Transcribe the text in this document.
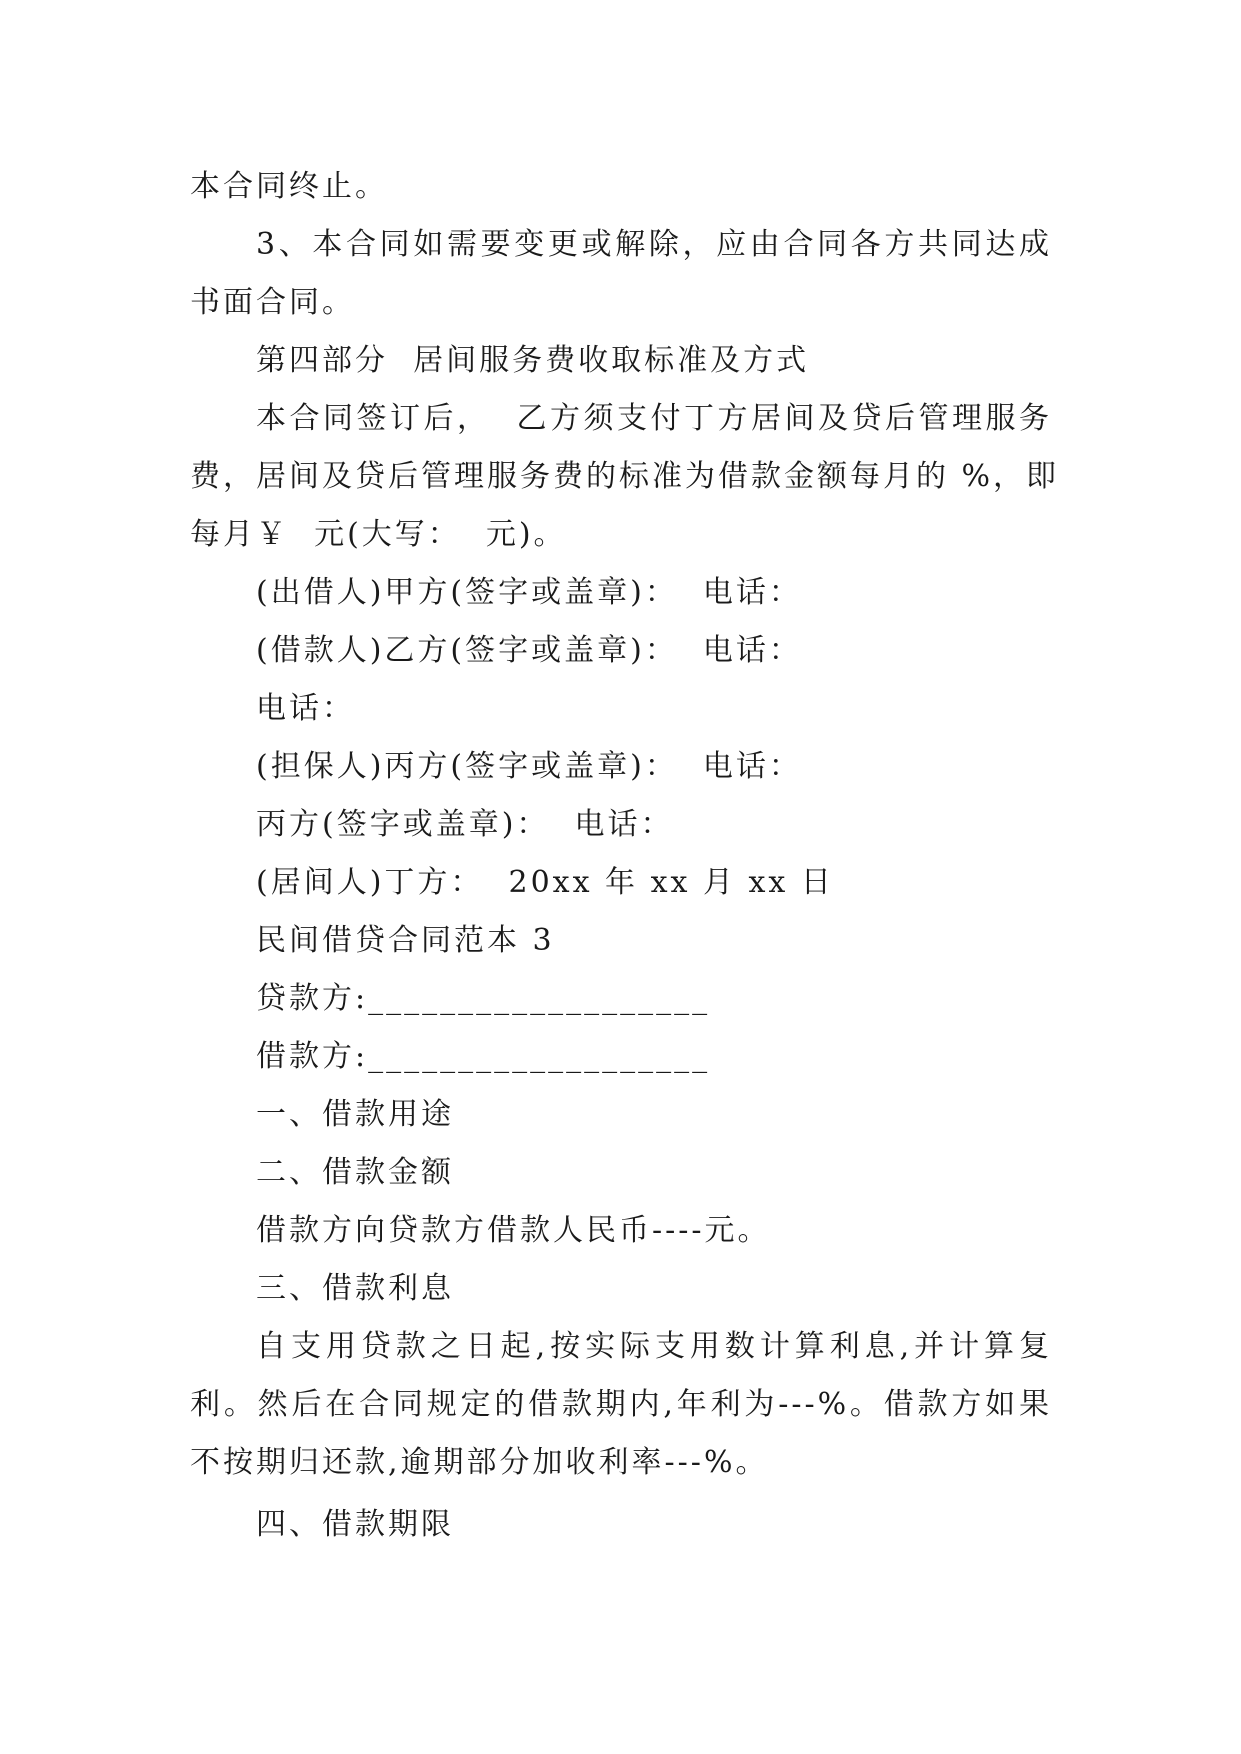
本合同终止。

3、本合同如需要变更或解除，应由合同各方共同达成

书面合同。

第四部分  居间服务费收取标准及方式

本合同签订后，  乙方须支付丁方居间及贷后管理服务

费，居间及贷后管理服务费的标准为借款金额每月的 %，即

每月￥  元(大写：  元)。

(出借人)甲方(签字或盖章)：  电话：

(借款人)乙方(签字或盖章)：  电话：

电话：

(担保人)丙方(签字或盖章)：  电话：

丙方(签字或盖章)：  电话：

(居间人)丁方：  20xx 年 xx 月 xx 日

民间借贷合同范本 3

贷款方:___________________

借款方:___________________

一、借款用途

二、借款金额

借款方向贷款方借款人民币----元。

三、借款利息

自支用贷款之日起,按实际支用数计算利息,并计算复

利。然后在合同规定的借款期内,年利为---%。借款方如果

不按期归还款,逾期部分加收利率---%。

四、借款期限
